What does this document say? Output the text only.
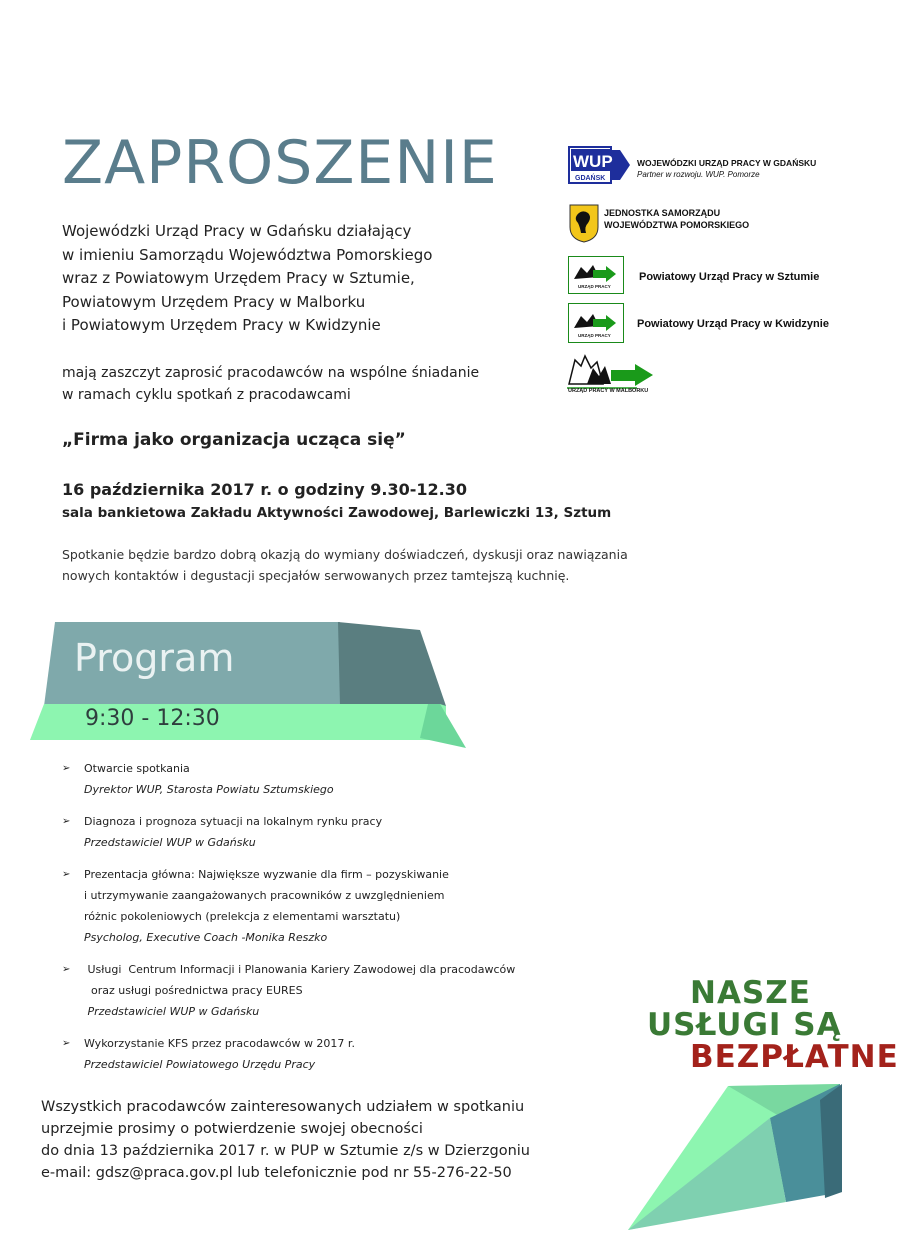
ZAPROSZENIE
Wojewódzki Urząd Pracy w Gdańsku działający
w imieniu Samorządu Województwa Pomorskiego
wraz z Powiatowym Urzędem Pracy w Sztumie,
Powiatowym Urzędem Pracy w Malborku
i Powiatowym Urzędem Pracy w Kwidzynie
mają zaszczyt zaprosić pracodawców na wspólne śniadanie
w ramach cyklu spotkań z pracodawcami
„Firma jako organizacja ucząca się”
16 października 2017 r. o godziny 9.30-12.30
sala bankietowa Zakładu Aktywności Zawodowej, Barlewiczki 13, Sztum
Spotkanie będzie bardzo dobrą okazją do wymiany doświadczeń, dyskusji oraz nawiązania
nowych kontaktów i degustacji specjałów serwowanych przez tamtejszą kuchnię.
Program
9:30 - 12:30
➢ Otwarcie spotkania
Dyrektor WUP, Starosta Powiatu Sztumskiego
➢ Diagnoza i prognoza sytuacji na lokalnym rynku pracy
Przedstawiciel WUP w Gdańsku
➢ Prezentacja główna: Największe wyzwanie dla firm – pozyskiwanie
i utrzymywanie zaangażowanych pracowników z uwzględnieniem
różnic pokoleniowych (prelekcja z elementami warsztatu)
Psycholog, Executive Coach -Monika Reszko
➢ Usługi  Centrum Informacji i Planowania Kariery Zawodowej dla pracodawców
oraz usługi pośrednictwa pracy EURES
Przedstawiciel WUP w Gdańsku
➢ Wykorzystanie KFS przez pracodawców w 2017 r.
Przedstawiciel Powiatowego Urzędu Pracy
Wszystkich pracodawców zainteresowanych udziałem w spotkaniu
uprzejmie prosimy o potwierdzenie swojej obecności
do dnia 13 października 2017 r. w PUP w Sztumie z/s w Dzierzgoniu
e-mail: gdsz@praca.gov.pl lub telefonicznie pod nr 55-276-22-50
WUP
GDAŃSK
WOJEWÓDZKI URZĄD PRACY W GDAŃSKU
Partner w rozwoju. WUP. Pomorze
JEDNOSTKA SAMORZĄDU
WOJEWÓDZTWA POMORSKIEGO
URZĄD PRACY
Powiatowy Urząd Pracy w Sztumie
URZĄD PRACY
Powiatowy Urząd Pracy w Kwidzynie
URZĄD PRACY W MALBORKU
NASZE
USŁUGI SĄ
BEZPŁATNE
